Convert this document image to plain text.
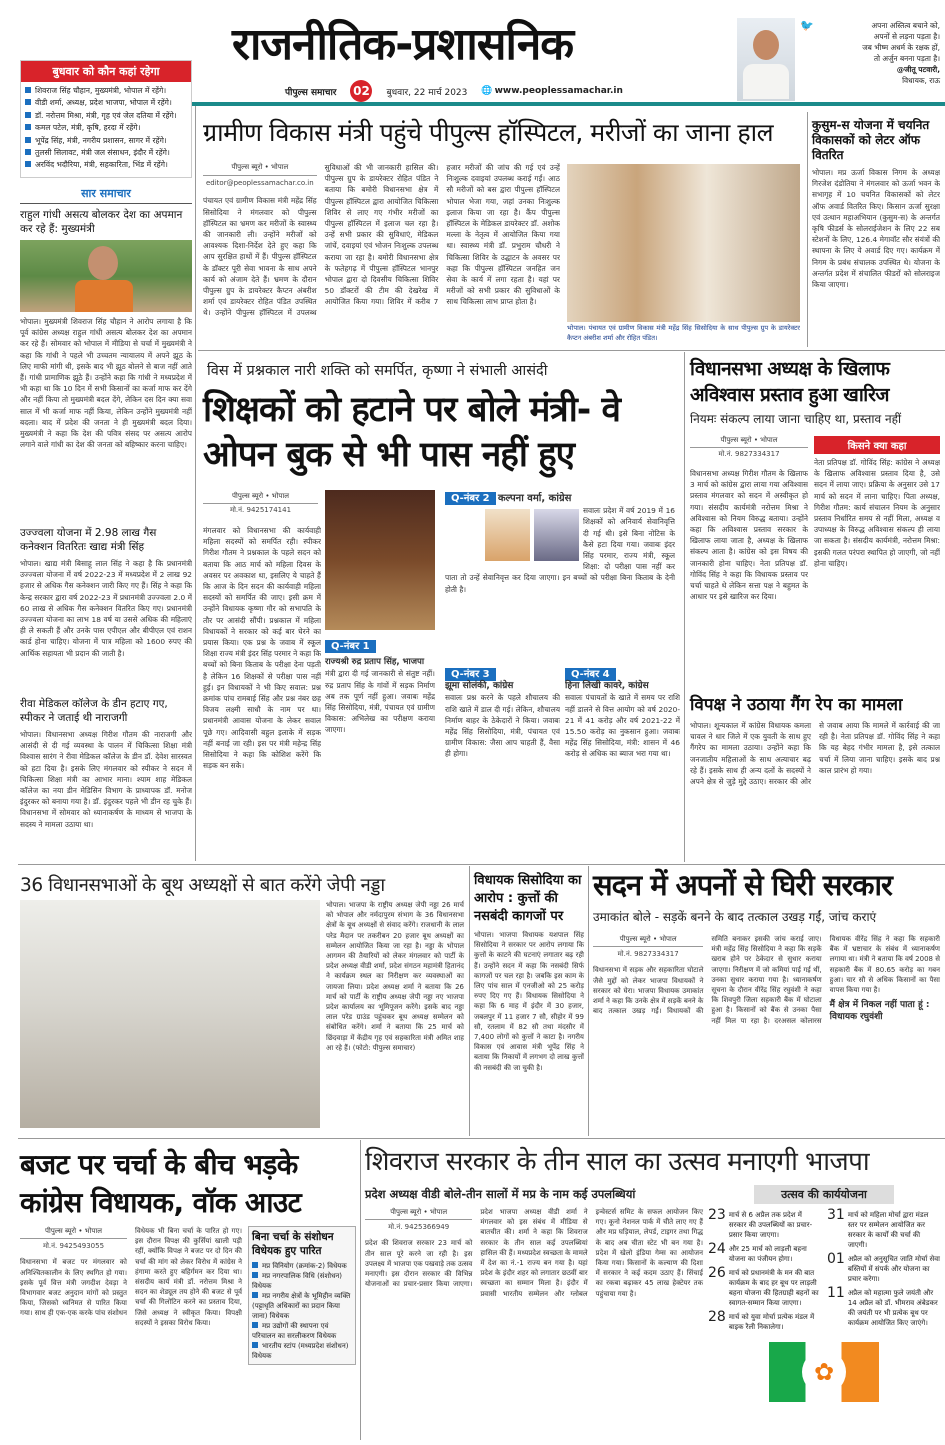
राजनीतिक-प्रशासनिक
पीपुल्स समाचार 02 बुधवार, 22 मार्च 2023 🌐 www.peoplessamachar.in
🐦	अपना अस्तित्व बचाने को,
अपनों से लड़ना पड़ता है।
जब भीष्म अधर्म के रक्षक हों,
तो अर्जुन बनना पड़ता है।
@जीतू पटवारी,
विधायक, राऊ
बुधवार को कौन कहां रहेगा
शिवराज सिंह चौहान, मुख्यमंत्री, भोपाल में रहेंगे।
वीडी शर्मा, अध्यक्ष, प्रदेश भाजपा, भोपाल में रहेंगे।
डॉ. नरोत्तम मिश्रा, मंत्री, गृह एवं जेल दतिया में रहेंगे।
कमल पटेल, मंत्री, कृषि, हरदा में रहेंगे।
भूपेंद्र सिंह, मंत्री, नगरीय प्रशासन, सागर में रहेंगे।
तुलसी सिलावट, मंत्री जल संसाधन, इंदौर में रहेंगे।
अरविंद भदौरिया, मंत्री, सहकारिता, भिंड में रहेंगे।
सार समाचार
राहुल गांधी असत्य बोलकर देश का अपमान कर रहे हैं: मुख्यमंत्री
भोपाल। मुख्यमंत्री शिवराज सिंह चौहान ने आरोप लगाया है कि पूर्व कांग्रेस अध्यक्ष राहुल गांधी असत्य बोलकर देश का अपमान कर रहे हैं। सोमवार को भोपाल में मीडिया से चर्चा में मुख्यमंत्री ने कहा कि गांधी ने पहले भी उच्चतम न्यायालय में अपने झूठ के लिए माफी मांगी थी, इसके बाद भी झूठ बोलने से बाज नहीं आते हैं। गांधी प्रामाणिक झूठे हैं। उन्होंने कहा कि गांधी ने मध्यप्रदेश में भी कहा था कि 10 दिन में सभी किसानों का कर्जा माफ कर देंगे और नहीं किया तो मुख्यमंत्री बदल देंगे, लेकिन दस दिन क्या सवा साल में भी कर्जा माफ नहीं किया, लेकिन उन्होंने मुख्यमंत्री नहीं बदला। बाद में प्रदेश की जनता ने ही मुख्यमंत्री बदल दिया। मुख्यमंत्री ने कहा कि देश की पवित्र संसद पर असत्य आरोप लगाने वाले गांधी का देश की जनता को बहिष्कार करना चाहिए।
उज्ज्वला योजना में 2.98 लाख गैस कनेक्शन वितरितः खाद्य मंत्री सिंह
भोपाल। खाद्य मंत्री बिसाहू लाल सिंह ने कहा है कि प्रधानमंत्री उज्ज्वला योजना में वर्ष 2022-23 में मध्यप्रदेश में 2 लाख 92 हजार से अधिक गैस कनेक्शन जारी किए गए हैं। सिंह ने कहा कि केन्द्र सरकार द्वारा वर्ष 2022-23 में प्रधानमंत्री उज्ज्वला 2.0 में 60 लाख से अधिक गैस कनेक्शन वितरित किए गए। प्रधानमंत्री उज्ज्वला योजना का लाभ 18 वर्ष या उससे अधिक की महिलाएं ही ले सकती हैं और उनके पास एपीएल और बीपीएल एवं राशन कार्ड होना चाहिए। योजना में पात्र महिला को 1600 रुपए की आर्थिक सहायता भी प्रदान की जाती है।
रीवा मेडिकल कॉलेज के डीन हटाए गए, स्पीकर ने जताई थी नाराजगी
भोपाल। विधानसभा अध्यक्ष गिरीश गौतम की नाराजगी और आसंदी से दी गई व्यवस्था के पालन में चिकित्सा शिक्षा मंत्री विश्वास सारंग ने रीवा मेडिकल कॉलेज के डीन डॉ. देवेश सारस्वत को हटा दिया है। इसके लिए मंगलवार को स्पीकर ने सदन में चिकित्सा शिक्षा मंत्री का आभार माना। श्याम शाह मेडिकल कॉलेज का नया डीन मेडिसिन विभाग के प्राध्यापक डॉ. मनोज इंदुरकर को बनाया गया है। डॉ. इंदुरकर पहले भी डीन रह चुके हैं। विधानसभा में सोमवार को ध्यानाकर्षण के माध्यम से भाजपा के सदस्य ने मामला उठाया था।
ग्रामीण विकास मंत्री पहुंचे पीपुल्स हॉस्पिटल, मरीजों का जाना हाल
पीपुल्स ब्यूरो • भोपाल
editor@peoplessamachar.co.in
पंचायत एवं ग्रामीण विकास मंत्री महेंद्र सिंह सिसोदिया ने मंगलवार को पीपुल्स हॉस्पिटल का भ्रमण कर मरीजों के स्वास्थ्य की जानकारी ली। उन्होंने मरीजों को आवश्यक दिशा-निर्देश देते हुए कहा कि आप सुरक्षित हाथों में हैं। पीपुल्स हॉस्पिटल के डॉक्टर पूरी सेवा भावना के साथ अपने कार्य को अंजाम देते हैं। भ्रमण के दौरान पीपुल्स ग्रुप के डायरेक्टर कैप्टन अंबरीश शर्मा एवं डायरेक्टर रोहित पंडित उपस्थित थे। उन्होंने पीपुल्स हॉस्पिटल में उपलब्ध सुविधाओं की भी जानकारी हासिल की। पीपुल्स ग्रुप के डायरेक्टर रोहित पंडित ने बताया कि बमोरी विधानसभा क्षेत्र में पीपुल्स हॉस्पिटल द्वारा आयोजित चिकित्सा शिविर से लाए गए गंभीर मरीजों का पीपुल्स हॉस्पिटल में इलाज चल रहा है। उन्हें सभी प्रकार की सुविधाएं, मेडिकल जांचें, दवाइयां एवं भोजन निःशुल्क उपलब्ध कराया जा रहा है। बमोरी विधानसभा क्षेत्र के फतेहगढ़ में पीपुल्स हॉस्पिटल भानपुर भोपाल द्वारा दो दिवसीय चिकित्सा शिविर 50 डॉक्टरों की टीम की देखरेख में आयोजित किया गया। शिविर में करीब 7 हजार मरीजों की जांच की गई एवं उन्हें निःशुल्क दवाइयां उपलब्ध कराई गईं। आठ सौ मरीजों को बस द्वारा पीपुल्स हॉस्पिटल भोपाल भेजा गया, जहां उनका निःशुल्क इलाज किया जा रहा है। कैंप पीपुल्स हॉस्पिटल के मेडिकल डायरेक्टर डॉ. अशोक मल्ला के नेतृत्व में आयोजित किया गया था। स्वास्थ्य मंत्री डॉ. प्रभुराम चौधरी ने चिकित्सा शिविर के उद्घाटन के अवसर पर कहा कि पीपुल्स हॉस्पिटल जनहित जन सेवा के कार्य में लगा रहता है। यहां पर मरीजों को सभी प्रकार की सुविधाओं के साथ चिकित्सा लाभ प्राप्त होता है।
भोपाल। पंचायत एवं ग्रामीण विकास मंत्री महेंद्र सिंह सिसोदिया के साथ पीपुल्स ग्रुप के डायरेक्टर कैप्टन अंबरीश शर्मा और रोहित पंडित।
कुसुम-स योजना में चयनित विकासकों को लेटर ऑफ वितरित
भोपाल। मप्र ऊर्जा विकास निगम के अध्यक्ष गिरजेश दंडोतिया ने मंगलवार को ऊर्जा भवन के सभागृह में 10 चयनित विकासकों को लेटर ऑफ अवार्ड वितरित किए। किसान ऊर्जा सुरक्षा एवं उत्थान महाअभियान (कुसुम-स) के अन्तर्गत कृषि फीडर्स के सोलराईजेशन के लिए 22 सब स्टेशनों के लिए, 126.4 मेगावॉट सौर संयंत्रों की स्थापना के लिए ये अवार्ड दिए गए। कार्यक्रम में निगम के प्रबंध संचालक उपस्थित थे। योजना के अन्तर्गत प्रदेश में संचालित फीडरों को सोलराइज किया जाएगा।
विस में प्रश्नकाल नारी शक्ति को समर्पित, कृष्णा ने संभाली आसंदी
शिक्षकों को हटाने पर बोले मंत्री- वे ओपन बुक से भी पास नहीं हुए
पीपुल्स ब्यूरो • भोपाल
मो.नं. 9425174141
मंगलवार को विधानसभा की कार्यवाही महिला सदस्यों को समर्पित रही। स्पीकर गिरीश गौतम ने प्रश्नकाल के पहले सदन को बताया कि आठ मार्च को महिला दिवस के अवसर पर अवकाश था, इसलिए ये चाहते हैं कि आज के दिन सदन की कार्यवाही महिला सदस्यों को समर्पित की जाए। इसी क्रम में उन्होंने विधायक कृष्णा गौर को सभापति के तौर पर आसंदी सौंपी। प्रश्नकाल में महिला विधायकों ने सरकार को कई बार घेरने का प्रयास किया। एक प्रश्न के जवाब में स्कूल शिक्षा राज्य मंत्री इंदर सिंह परमार ने कहा कि बच्चों को बिना किताब के परीक्षा देना पड़ती है लेकिन 16 शिक्षकों से परीक्षा पास नहीं हुई। इन विधायकों ने भी किए सवाल: प्रश्न क्रमांक पांच रामबाई सिंह और प्रश्न नंबर छह विजय लक्ष्मी साधौ के नाम पर था। प्रधानमंत्री आवास योजना के लेकर सवाल पूछे गए। आदिवासी बहुल इलाके में सड़क नहीं बनाई जा रही। इस पर मंत्री महेन्द्र सिंह सिसोदिया ने कहा कि कोशिश करेंगे कि सड़क बन सके।
Q-नंबर 1
राज्यश्री रुद्र प्रताप सिंह, भाजपा
मंत्री द्वारा दी गई जानकारी से संतुष्ट नहीं। रुद्र प्रताप सिंह के गांवों में सड़क निर्माण अब तक पूर्ण नहीं हुआ। जवाबः महेंद्र सिंह सिसोदिया, मंत्री, पंचायत एवं ग्रामीण विकास: अभिलेख का परीक्षण कराया जाएगा।
Q-नंबर 2 कल्पना वर्मा, कांग्रेस
सवालः प्रदेश में वर्ष 2019 में 16 शिक्षकों को अनिवार्य सेवानिवृत्ति दी गई थी। इसे बिना नोटिस के कैसे हटा दिया गया। जवाबः इंदर सिंह परमार, राज्य मंत्री, स्कूल शिक्षा: दो परीक्षा पास नहीं कर पाता तो उन्हें सेवानिवृत्त कर दिया जाएगा। इन बच्चों को परीक्षा बिना किताब के देनी होती है।
Q-नंबर 3
झूमा सोलंकी, कांग्रेस
सवालः प्रश्न करने के पहले शौचालय की राशि खाते में डाल दी गई। लेकिन, शौचालय निर्माण बाहर के ठेकेदारों ने किया। जवाबः महेंद्र सिंह सिसोदिया, मंत्री, पंचायत एवं ग्रामीण विकास: जैसा आप चाहती हैं, वैसा ही होगा।
Q-नंबर 4
हिना लिखी कावरे, कांग्रेस
सवालः पंचायतों के खाते में समय पर राशि नहीं डालने से वित्त आयोग को वर्ष 2020-21 में 41 करोड़ और वर्ष 2021-22 में 15.50 करोड़ का नुकसान हुआ। जवाबः महेंद्र सिंह सिसोदिया, मंत्री: शासन में 46 करोड़ से अधिक का ब्याज भरा गया था।
विधानसभा अध्यक्ष के खिलाफ अविश्वास प्रस्ताव हुआ खारिज
नियमः संकल्प लाया जाना चाहिए था, प्रस्ताव नहीं
पीपुल्स ब्यूरो • भोपाल
मो.नं. 9827334317
विधानसभा अध्यक्ष गिरीश गौतम के खिलाफ 3 मार्च को कांग्रेस द्वारा लाया गया अविश्वास प्रस्ताव मंगलवार को सदन में अस्वीकृत हो गया। संसदीय कार्यमंत्री नरोत्तम मिश्रा ने अविश्वास को नियम विरुद्ध बताया। उन्होंने कहा कि अविश्वास प्रस्ताव सरकार के खिलाफ लाया जाता है, अध्यक्ष के खिलाफ संकल्प आता है। कांग्रेस को इस विषय की जानकारी होना चाहिए। नेता प्रतिपक्ष डॉ. गोविंद सिंह ने कहा कि विधायक प्रस्ताव पर चर्चा चाहते थे लेकिन सत्ता पक्ष ने बहुमत के आधार पर इसे खारिज कर दिया।
किसने क्या कहा
नेता प्रतिपक्ष डॉ. गोविंद सिंह: कांग्रेस ने अध्यक्ष के खिलाफ अविश्वास प्रस्ताव दिया है, उसे सदन में लाया जाए। प्रक्रिया के अनुसार उसे 17 मार्च को सदन में लाना चाहिए। पिता अध्यक्ष, गिरीश गौतम: कार्य संचालन नियम के अनुसार प्रस्ताव निर्धारित समय से नहीं मिला, अध्यक्ष व उपाध्यक्ष के विरुद्ध अविश्वास संकल्प ही लाया जा सकता है। संसदीय कार्यमंत्री, नरोत्तम मिश्रा: इसकी गलत परंपरा स्थापित हो जाएगी, जो नहीं होना चाहिए।
विपक्ष ने उठाया गैंग रेप का मामला
भोपाल। शून्यकाल में कांग्रेस विधायक कमला चावल ने धार जिले में एक युवती के साथ हुए गैंगरेप का मामला उठाया। उन्होंने कहा कि जनजातीय महिलाओं के साथ अत्याचार बढ़ रहे हैं। इसके साथ ही अन्य दलों के सदस्यों ने अपने क्षेत्र से जुड़े मुद्दे उठाए। सरकार की ओर से जवाब आया कि मामले में कार्रवाई की जा रही है। नेता प्रतिपक्ष डॉ. गोविंद सिंह ने कहा कि यह बेहद गंभीर मामला है, इसे तत्काल चर्चा में लिया जाना चाहिए। इसके बाद प्रश्न काल प्रारंभ हो गया।
36 विधानसभाओं के बूथ अध्यक्षों से बात करेंगे जेपी नड्डा
भोपाल। भाजपा के राष्ट्रीय अध्यक्ष जेपी नड्डा 26 मार्च को भोपाल और नर्मदापुरम संभाग के 36 विधानसभा क्षेत्रों के बूथ अध्यक्षों से संवाद करेंगे। राजधानी के लाल परेड मैदान पर तकरीबन 20 हजार बूथ अध्यक्षों का सम्मेलन आयोजित किया जा रहा है। नड्डा के भोपाल आगमन की तैयारियों को लेकर मंगलवार को पार्टी के प्रदेश अध्यक्ष वीडी शर्मा, प्रदेश संगठन महामंत्री हितानंद ने कार्यक्रम स्थल का निरीक्षण कर व्यवस्थाओं का जायजा लिया। प्रदेश अध्यक्ष शर्मा ने बताया कि 26 मार्च को पार्टी के राष्ट्रीय अध्यक्ष जेपी नड्डा नए भाजपा प्रदेश कार्यालय का भूमिपूजन करेंगे। इसके बाद नड्डा लाल परेड ग्राउंड पहुंचकर बूथ अध्यक्ष सम्मेलन को संबोधित करेंगे। शर्मा ने बताया कि 25 मार्च को छिंदवाड़ा में केंद्रीय गृह एवं सहकारिता मंत्री अमित शाह आ रहे हैं। (फोटो: पीपुल्स समाचार)
विधायक सिसोदिया का आरोप : कुत्तों की नसबंदी कागजों पर
भोपाल। भाजपा विधायक यशपाल सिंह सिसोदिया ने सरकार पर आरोप लगाया कि कुत्तों के काटने की घटनाएं लगातार बढ़ रही हैं। उन्होंने सदन में कहा कि नसबंदी सिर्फ कागजों पर चल रहा है। जबकि इस काम के लिए पांच साल में एनजीओ को 25 करोड़ रुपए दिए गए हैं। विधायक सिसोदिया ने कहा कि 6 माह में इंदौर में 30 हजार, जबलपुर में 11 हजार 7 सौ, सीहोर में 99 सौ, रतलाम में 82 सौ तथा मंदसौर में 7,400 लोगों को कुत्तों ने काटा है। नगरीय विकास एवं आवास मंत्री भूपेंद्र सिंह ने बताया कि निकायों में लगभग दो लाख कुत्तों की नसबंदी की जा चुकी है।
सदन में अपनों से घिरी सरकार
उमाकांत बोले - सड़कें बनने के बाद तत्काल उखड़ गईं, जांच कराएं
पीपुल्स ब्यूरो • भोपाल
मो.नं. 9827334317
विधानसभा में सड़क और सहकारिता घोटाले जैसे मुद्दों को लेकर भाजपा विधायकों ने सरकार को घेरा। भाजपा विधायक उमाकांत शर्मा ने कहा कि उनके क्षेत्र में सड़कें बनने के बाद तत्काल उखड़ गईं। विधायकों की समिति बनाकर इसकी जांच कराई जाए। मंत्री महेंद्र सिंह सिसोदिया ने कहा कि सड़कें खराब होने पर ठेकेदार से सुधार कराया जाएगा। निरीक्षण में जो कमियां पाई गई थीं, उनका सुधार कराया गया है। ध्यानाकर्षण सूचना के दौरान वीरेंद्र सिंह रघुवंशी ने कहा कि शिवपुरी जिला सहकारी बैंक में घोटाला हुआ है। किसानों को बैंक से उनका पैसा नहीं मिल पा रहा है। दरअसल कोलारस विधायक वीरेंद्र सिंह ने कहा कि सहकारी बैंक में भ्रष्टाचार के संबंध में ध्यानाकर्षण लगाया था। मंत्री ने बताया कि वर्ष 2008 से सहकारी बैंक में 80.65 करोड़ का गबन हुआ। चार सौ से अधिक किसानों का पैसा वापस किया गया है।
मैं क्षेत्र में निकल नहीं पाता हूं : विधायक रघुवंशी
बजट पर चर्चा के बीच भड़के कांग्रेस विधायक, वॉक आउट
पीपुल्स ब्यूरो • भोपाल
मो.नं. 9425493055
विधानसभा में बजट पर मंगलवार को अनिश्चितकालीन के लिए स्थगित हो गया। इसके पूर्व वित्त मंत्री जगदीश देवड़ा ने विभागवार बजट अनुदान मांगों को प्रस्तुत किया, जिसको ध्वनिमत से पारित किया गया। साथ ही एक-एक करके पांच संशोधन विधेयक भी बिना चर्चा के पारित हो गए। इस दौरान विपक्ष की कुर्सियां खाली पड़ी रहीं, क्योंकि विपक्ष ने बजट पर दो दिन की चर्चा की मांग को लेकर विरोध में कांग्रेस ने हंगामा करते हुए बहिर्गमन कर दिया था। संसदीय कार्य मंत्री डॉ. नरोत्तम मिश्रा ने सदन का शेड्यूल तय होने की बजट से पूर्व चर्चा की गिलोटिन करने का प्रस्ताव दिया, जिसे अध्यक्ष ने स्वीकृत किया। विपक्षी सदस्यों ने इसका विरोध किया।
बिना चर्चा के संशोधन विधेयक हुए पारित
मप्र विनियोग (क्रमांक-2) विधेयक
मप्र नगरपालिक विधि (संशोधन) विधेयक
मप्र नगरीय क्षेत्रों के भूमिहीन व्यक्ति (पट्टाधृति अधिकारों का प्रदान किया जाना) विधेयक
मप्र उद्योगों की स्थापना एवं परिचालन का सरलीकरण विधेयक
भारतीय स्टांप (मध्यप्रदेश संशोधन) विधेयक
शिवराज सरकार के तीन साल का उत्सव मनाएगी भाजपा
प्रदेश अध्यक्ष वीडी बोले-तीन सालों में मप्र के नाम कई उपलब्धियां
पीपुल्स ब्यूरो • भोपाल
मो.नं. 9425366949
प्रदेश की शिवराज सरकार 23 मार्च को तीन साल पूरे करने जा रही है। इस उपलक्ष्य में भाजपा एक पखवाड़े तक उत्सव मनाएगी। इस दौरान सरकार की विभिन्न योजनाओं का प्रचार-प्रसार किया जाएगा। प्रदेश भाजपा अध्यक्ष वीडी शर्मा ने मंगलवार को इस संबंध में मीडिया से बातचीत की। शर्मा ने कहा कि शिवराज सरकार के तीन साल कई उपलब्धियां हासिल की हैं। मध्यप्रदेश स्वच्छता के मामले में देश का नं.-1 राज्य बन गया है। यहां प्रदेश के इंदौर शहर को लगातार छठवीं बार स्वच्छता का सम्मान मिला है। इंदौर में प्रवासी भारतीय सम्मेलन और ग्लोबल इन्वेस्टर्स समिट के सफल आयोजन किए गए। कूनो नेशनल पार्क में चीते लाए गए हैं और मप्र घड़ियाल, लेपर्ड, टाइगर तथा गिद्ध के बाद अब चीता स्टेट भी बन गया है। प्रदेश में खेलो इंडिया गेम्स का आयोजन किया गया। किसानों के कल्याण की दिशा में सरकार ने कई कदम उठाए हैं। सिंचाई का रकबा बढ़ाकर 45 लाख हेक्टेयर तक पहुंचाया गया है।
उत्सव की कार्ययोजना
23 मार्च से 6 अप्रैल तक प्रदेश में सरकार की उपलब्धियों का प्रचार-प्रसार किया जाएगा।
24 और 25 मार्च को लाड़ली बहना योजना का पंजीयन होगा।
26 मार्च को प्रधानमंत्री के मन की बात कार्यक्रम के बाद हर बूथ पर लाड़ली बहना योजना की हितग्राही बहनों का स्वागत-सम्मान किया जाएगा।
28 मार्च को युवा मोर्चा प्रत्येक मंडल में बाइक रैली निकालेगा।
31 मार्च को महिला मोर्चा द्वारा मंडल स्तर पर सम्मेलन आयोजित कर सरकार के कार्यों की चर्चा की जाएगी।
01 अप्रैल को अनुसूचित जाति मोर्चा सेवा बस्तियों में संपर्क और योजना का प्रचार करेगा।
11 अप्रैल को महात्मा फुले जयंती और 14 अप्रैल को डॉ. भीमराव अंबेडकर की जयंती पर भी प्रत्येक बूथ पर कार्यक्रम आयोजित किए जाएंगे।
✿
